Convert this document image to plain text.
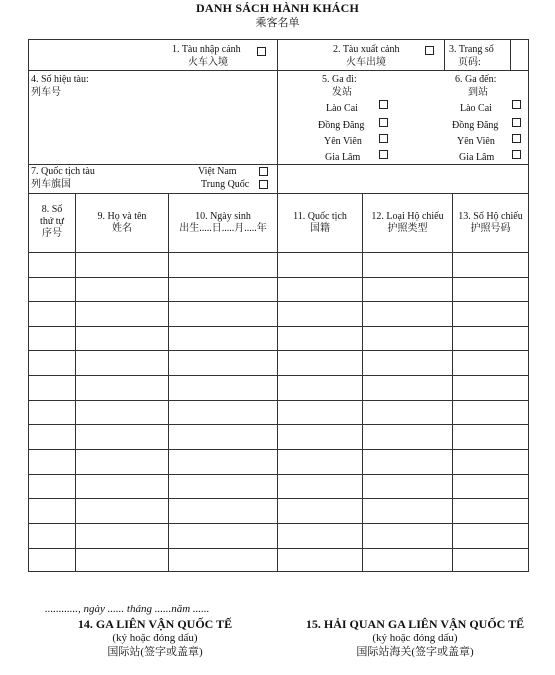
DANH SÁCH HÀNH KHÁCH
乘客名单
1. Tàu nhập cảnh
火车入境
2. Tàu xuất cảnh
火车出境
3. Trang số
页码:
4. Số hiệu tàu:
列车号
5. Ga đi:
发站
Lào Cai
Đồng Đăng
Yên Viên
Gia Lâm
6. Ga đến:
到站
Lào Cai
Đồng Đăng
Yên Viên
Gia Lâm
7. Quốc tịch tàu
列车旗国
Việt Nam
Trung Quốc
8. Số thứ tự
序号
9. Họ và tên
姓名
10. Ngày sinh
出生.....日.....月.....年
11. Quốc tịch
国籍
12. Loại Hộ chiếu
护照类型
13. Số Hộ chiếu
护照号码
............, ngày ...... tháng ......năm ......
14. GA LIÊN VẬN QUỐC TẾ
(ký hoặc đóng dấu)
国际站(签字或盖章)
15. HẢI QUAN GA LIÊN VẬN QUỐC TẾ
(ký hoặc đóng dấu)
国际站海关(签字或盖章)
